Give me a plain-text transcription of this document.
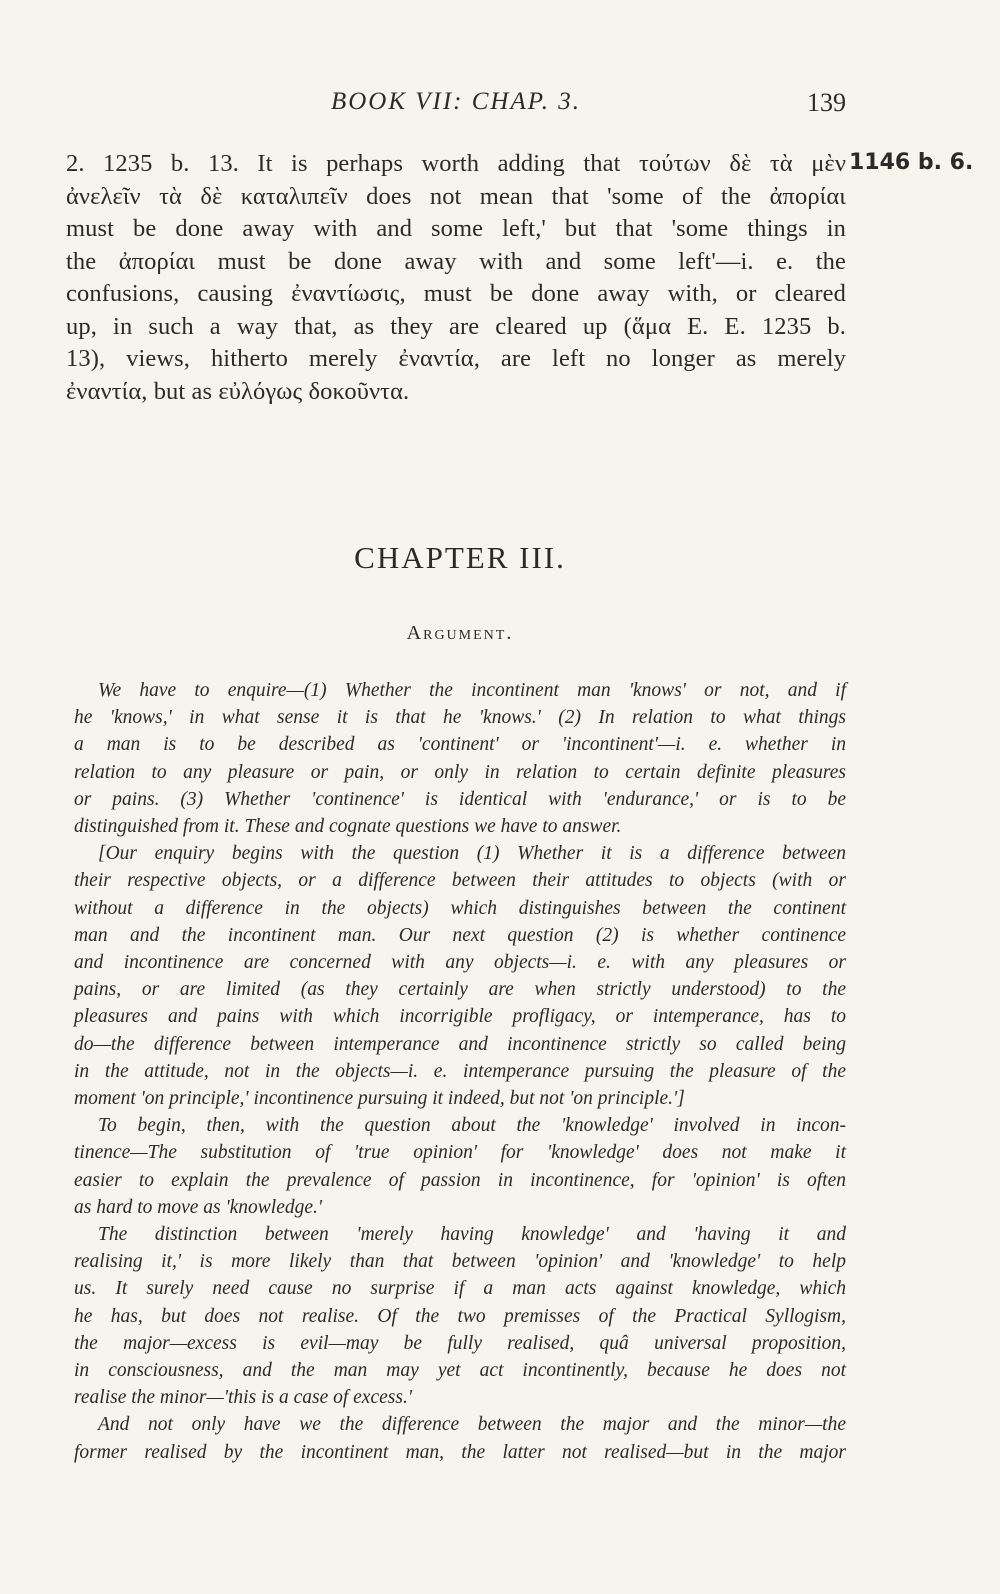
BOOK VII: CHAP. 3.	139
1146 b. 6.
2. 1235 b. 13. It is perhaps worth adding that τούτων δὲ τὰ μὲν
ἀνελεῖν τὰ δὲ καταλιπεῖν does not mean that 'some of the ἀπορίαι
must be done away with and some left,' but that 'some things in
the ἀπορίαι must be done away with and some left'—i. e. the
confusions, causing ἐναντίωσις, must be done away with, or cleared
up, in such a way that, as they are cleared up (ἅμα E. E. 1235 b.
13), views, hitherto merely ἐναντία, are left no longer as merely
ἐναντία, but as εὐλόγως δοκοῦντα.
CHAPTER III.
Argument.
We have to enquire—(1) Whether the incontinent man 'knows' or not, and if
he 'knows,' in what sense it is that he 'knows.' (2) In relation to what things
a man is to be described as 'continent' or 'incontinent'—i. e. whether in
relation to any pleasure or pain, or only in relation to certain definite pleasures
or pains. (3) Whether 'continence' is identical with 'endurance,' or is to be
distinguished from it. These and cognate questions we have to answer.
[Our enquiry begins with the question (1) Whether it is a difference between
their respective objects, or a difference between their attitudes to objects (with or
without a difference in the objects) which distinguishes between the continent
man and the incontinent man. Our next question (2) is whether continence
and incontinence are concerned with any objects—i. e. with any pleasures or
pains, or are limited (as they certainly are when strictly understood) to the
pleasures and pains with which incorrigible profligacy, or intemperance, has to
do—the difference between intemperance and incontinence strictly so called being
in the attitude, not in the objects—i. e. intemperance pursuing the pleasure of the
moment 'on principle,' incontinence pursuing it indeed, but not 'on principle.']
To begin, then, with the question about the 'knowledge' involved in incon-
tinence—The substitution of 'true opinion' for 'knowledge' does not make it
easier to explain the prevalence of passion in incontinence, for 'opinion' is often
as hard to move as 'knowledge.'
The distinction between 'merely having knowledge' and 'having it and
realising it,' is more likely than that between 'opinion' and 'knowledge' to help
us. It surely need cause no surprise if a man acts against knowledge, which
he has, but does not realise. Of the two premisses of the Practical Syllogism,
the major—excess is evil—may be fully realised, quâ universal proposition,
in consciousness, and the man may yet act incontinently, because he does not
realise the minor—'this is a case of excess.'
And not only have we the difference between the major and the minor—the
former realised by the incontinent man, the latter not realised—but in the major
